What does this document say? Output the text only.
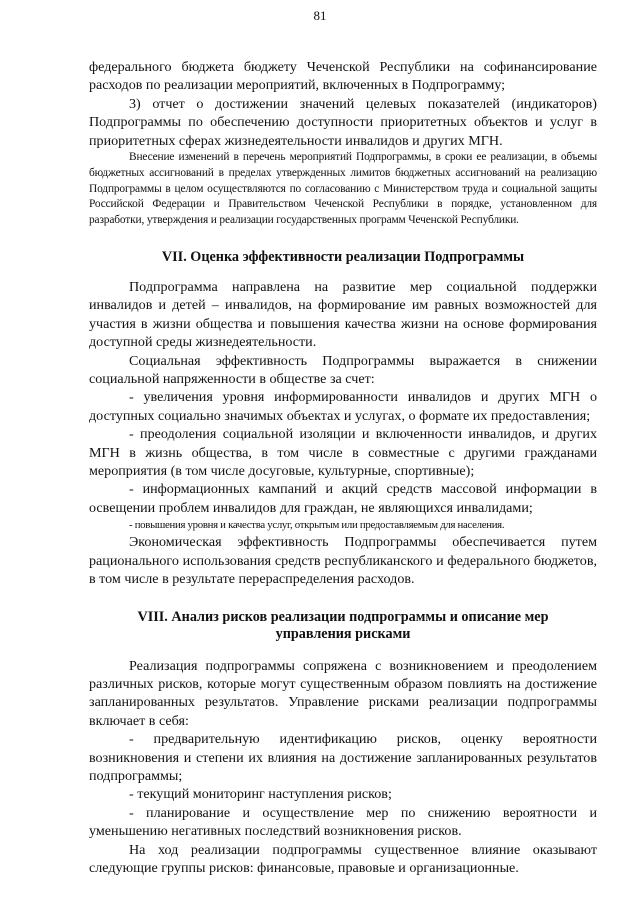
81

федерального бюджета бюджету Чеченской Республики на софинансирование расходов по реализации мероприятий, включенных в Подпрограмму;

3) отчет о достижении значений целевых показателей (индикаторов) Подпрограммы по обеспечению доступности приоритетных объектов и услуг в приоритетных сферах жизнедеятельности инвалидов и других МГН.

Внесение изменений в перечень мероприятий Подпрограммы, в сроки ее реализации, в объемы бюджетных ассигнований в пределах утвержденных лимитов бюджетных ассигнований на реализацию Подпрограммы в целом осуществляются по согласованию с Министерством труда и социальной защиты Российской Федерации и Правительством Чеченской Республики в порядке, установленном для разработки, утверждения и реализации государственных программ Чеченской Республики.

VII. Оценка эффективности реализации Подпрограммы

Подпрограмма направлена на развитие мер социальной поддержки инвалидов и детей – инвалидов, на формирование им равных возможностей для участия в жизни общества и повышения качества жизни на основе формирования доступной среды жизнедеятельности.

Социальная эффективность Подпрограммы выражается в снижении социальной напряженности в обществе за счет:

- увеличения уровня информированности инвалидов и других МГН о доступных социально значимых объектах и услугах, о формате их предоставления;

- преодоления социальной изоляции и включенности инвалидов, и других МГН в жизнь общества, в том числе в совместные с другими гражданами мероприятия (в том числе досуговые, культурные, спортивные);

- информационных кампаний и акций средств массовой информации в освещении проблем инвалидов для граждан, не являющихся инвалидами;

- повышения уровня и качества услуг, открытым или предоставляемым для населения.

Экономическая эффективность Подпрограммы обеспечивается путем рационального использования средств республиканского и федерального бюджетов, в том числе в результате перераспределения расходов.

VIII. Анализ рисков реализации подпрограммы и описание мер
управления рисками

Реализация подпрограммы сопряжена с возникновением и преодолением различных рисков, которые могут существенным образом повлиять на достижение запланированных результатов. Управление рисками реализации подпрограммы включает в себя:

- предварительную идентификацию рисков, оценку вероятности возникновения и степени их влияния на достижение запланированных результатов подпрограммы;

- текущий мониторинг наступления рисков;

- планирование и осуществление мер по снижению вероятности и уменьшению негативных последствий возникновения рисков.

На ход реализации подпрограммы существенное влияние оказывают следующие группы рисков: финансовые, правовые и организационные.
